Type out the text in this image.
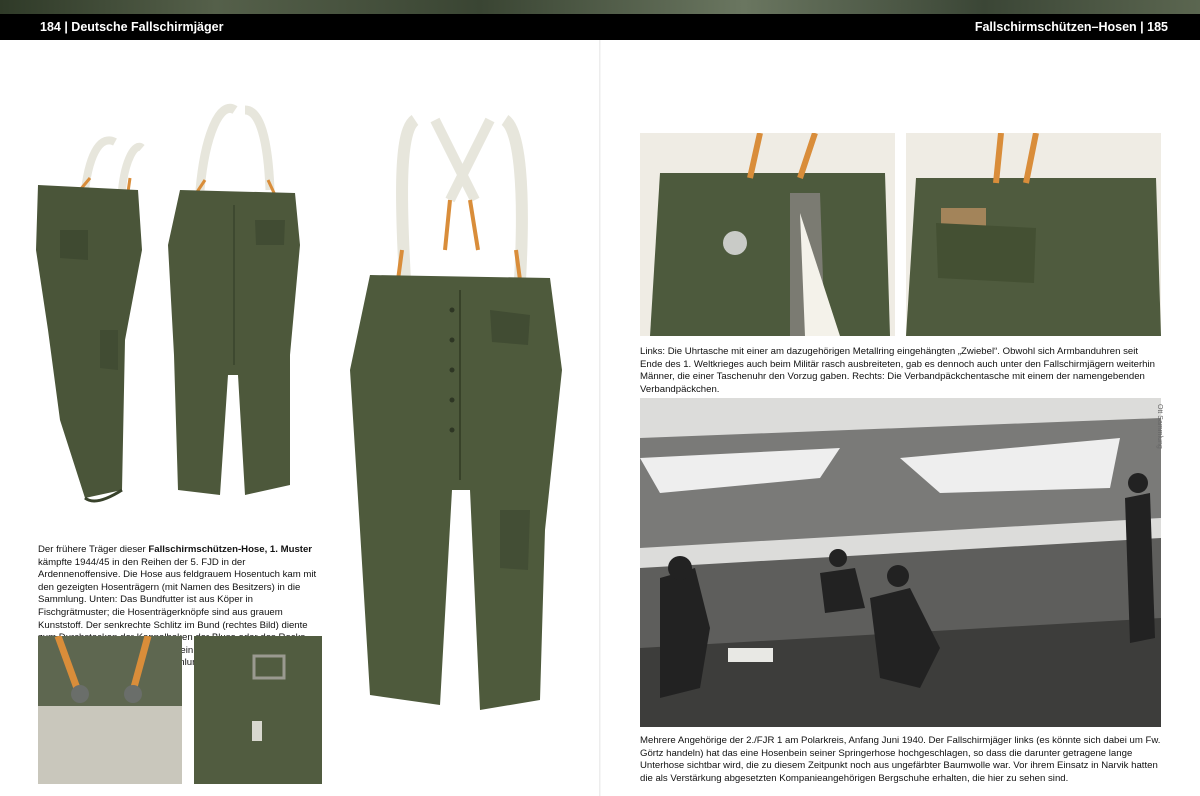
184 | Deutsche Fallschirmjäger	Fallschirmschützen–Hosen | 185
Der frühere Träger dieser Fallschirmschützen-Hose, 1. Muster kämpfte 1944/45 in den Reihen der 5. FJD in der Ardennenoffensive. Die Hose aus feldgrauem Hosentuch kam mit den gezeigten Hosenträgern (mit Namen des Besitzers) in die Sammlung. Unten: Das Bundfutter ist aus Köper in Fischgrätmuster; die Hosenträgerknöpfe sind aus grauem Kunststoff. Der senkrechte Schlitz im Bund (rechtes Bild) diente kein
Links: Die Uhrtasche mit einer am dazugehörigen Metallring eingehängten „Zwiebel“. Obwohl sich Armbanduhren seit Ende des 1. Weltkrieges auch beim Militär rasch ausbreiteten, gab es dennoch auch unter den Fallschirmjägern weiterhin Männer, die einer Taschenuhr den Vorzug gaben. Rechts: Die Verbandpäckchentasche mit einem der namengebenden Verbandpäckchen.
Ott Sammlung
Mehrere Angehörige der 2./FJR 1 am Polarkreis, Anfang Juni 1940. Der Fallschirmjäger links (es könnte sich dabei um Fw. Görtz handeln) hat das eine Hosenbein seiner Springerhose hochgeschlagen, so dass die darunter getragene lange Unterhose sichtbar wird, die zu diesem Zeitpunkt noch aus ungefärbter Baumwolle war. Vor ihrem Einsatz in Narvik hatten die als Verstärkung abgesetzten Kompanieangehörigen Bergschuhe erhalten, die hier zu sehen sind.
